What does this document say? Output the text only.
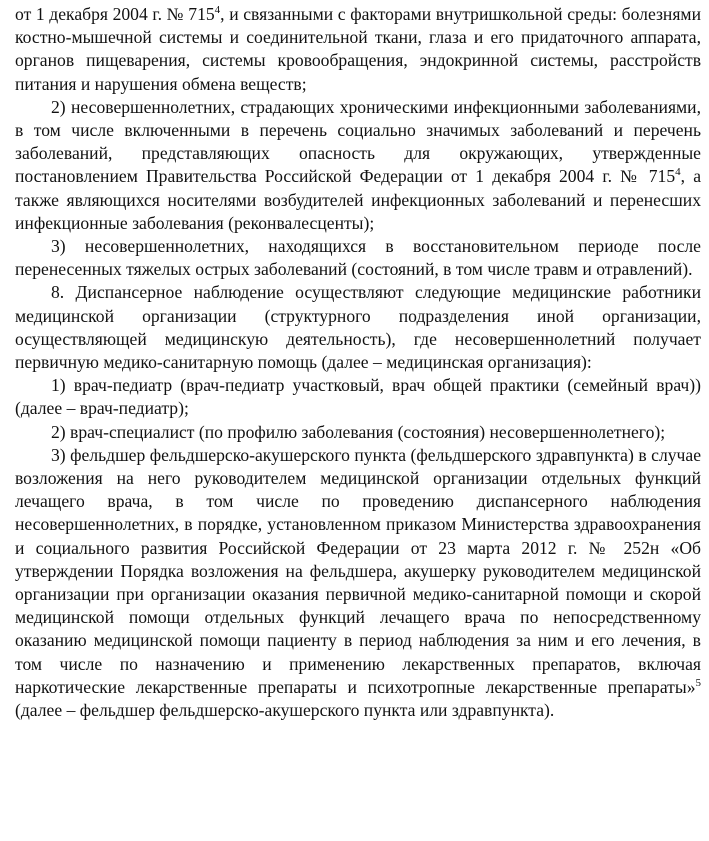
от 1 декабря 2004 г. № $715^4$, и связанными с факторами внутришкольной среды: болезнями костно-мышечной системы и соединительной ткани, глаза и его придаточного аппарата, органов пищеварения, системы кровообращения, эндокринной системы, расстройств питания и нарушения обмена веществ;

2) несовершеннолетних, страдающих хроническими инфекционными заболеваниями, в том числе включенными в перечень социально значимых заболеваний и перечень заболеваний, представляющих опасность для окружающих, утвержденные постановлением Правительства Российской Федерации от 1 декабря 2004 г. № $715^4$, а также являющихся носителями возбудителей инфекционных заболеваний и перенесших инфекционные заболевания (реконвалесценты);

3) несовершеннолетних, находящихся в восстановительном периоде после перенесенных тяжелых острых заболеваний (состояний, в том числе травм и отравлений).

8. Диспансерное наблюдение осуществляют следующие медицинские работники медицинской организации (структурного подразделения иной организации, осуществляющей медицинскую деятельность), где несовершеннолетний получает первичную медико-санитарную помощь (далее – медицинская организация):

1) врач-педиатр (врач-педиатр участковый, врач общей практики (семейный врач)) (далее – врач-педиатр);

2) врач-специалист (по профилю заболевания (состояния) несовершеннолетнего);

3) фельдшер фельдшерско-акушерского пункта (фельдшерского здравпункта) в случае возложения на него руководителем медицинской организации отдельных функций лечащего врача, в том числе по проведению диспансерного наблюдения несовершеннолетних, в порядке, установленном приказом Министерства здравоохранения и социального развития Российской Федерации от 23 марта 2012 г. № 252н «Об утверждении Порядка возложения на фельдшера, акушерку руководителем медицинской организации при организации оказания первичной медико-санитарной помощи и скорой медицинской помощи отдельных функций лечащего врача по непосредственному оказанию медицинской помощи пациенту в период наблюдения за ним и его лечения, в том числе по назначению и применению лекарственных препаратов, включая наркотические лекарственные препараты и психотропные лекарственные препараты»$^5$ (далее – фельдшер фельдшерско-акушерского пункта или здравпункта).
